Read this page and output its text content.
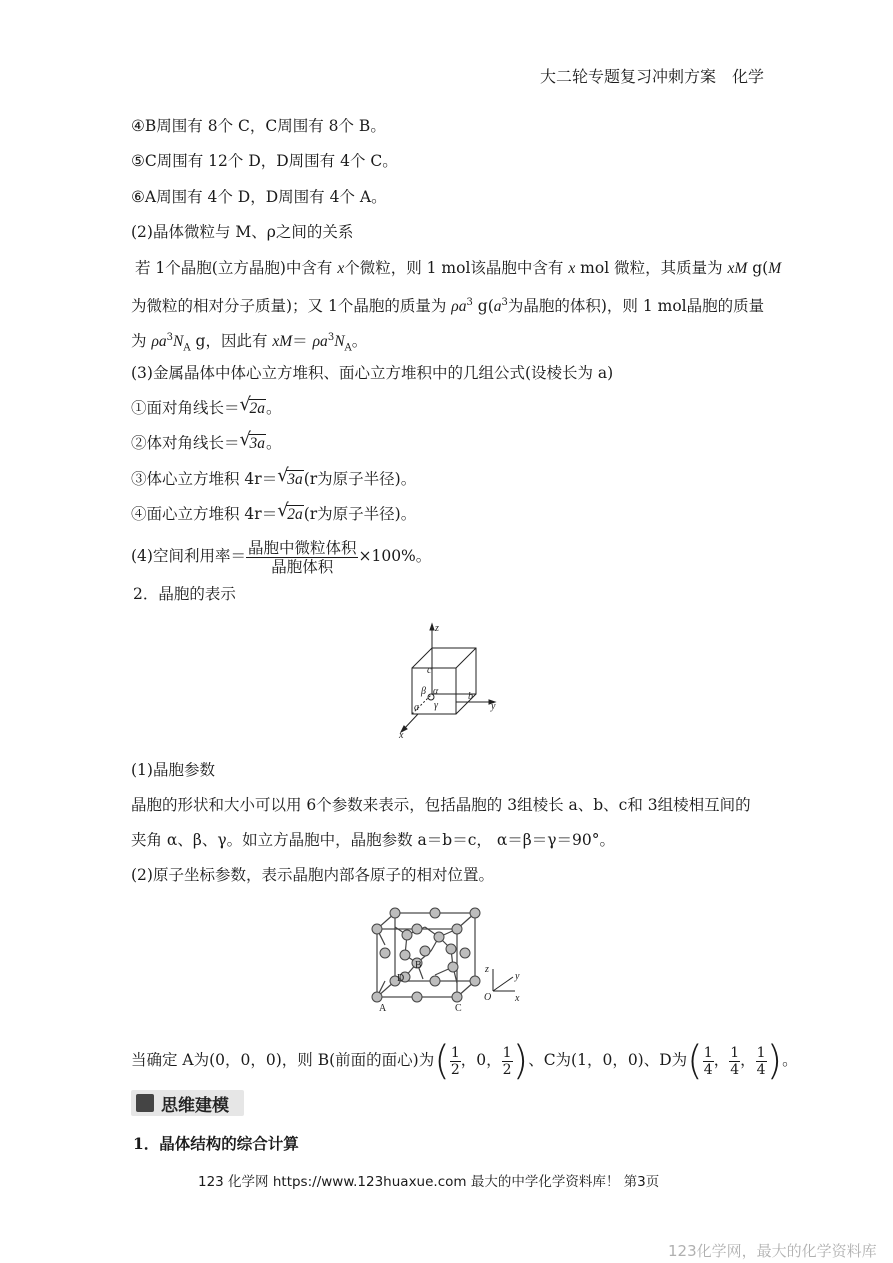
大二轮专题复习冲刺方案　化学
④B周围有 8个 C，C周围有 8个 B。
⑤C周围有 12个 D，D周围有 4个 C。
⑥A周围有 4个 D，D周围有 4个 A。
(2)晶体微粒与 M、ρ之间的关系
若 1个晶胞(立方晶胞)中含有 x个微粒，则 1 mol该晶胞中含有 x mol 微粒，其质量为 xM g(M
为微粒的相对分子质量)；又 1个晶胞的质量为 $\rho a^3$ $g(a^3$为晶胞的体积)，则 1 mol晶胞的质量
为 $\rho a^3N_A$ g，因此有 $xM= \rho a^3N_A$。
(3)金属晶体中体心立方堆积、面心立方堆积中的几组公式(设棱长为 a)
①面对角线长＝ √
2a。
②体对角线长＝ √
3a。
③体心立方堆积 4r＝ √
3a(r为原子半径)。
④面心立方堆积 4r＝ √
2a(r为原子半径)。
(4)空间利用率＝ $\frac{\text{晶胞中微粒体积}}{\text{晶胞体积}} \times 100\%$。
2．晶胞的表示
z
c
b
y
α
β
γ
a
x
(1)晶胞参数
晶胞的形状和大小可以用 6个参数来表示，包括晶胞的 3组棱长 a、b、c和 3组棱相互间的
夹角 α、β、γ。如立方晶胞中，晶胞参数 a＝b＝c， α＝β＝γ＝90°。
(2)原子坐标参数，表示晶胞内部各原子的相对位置。
B
D
A	C
z
y
O x
当确定 A为(0，0，0)，则 B(前面的面心)为( $\frac{1}{2}$ ，0， $\frac{1}{2}$ )、C为(1，0，0)、D为( $\frac{1}{4}$ ， $\frac{1}{4}$ ， $\frac{1}{4}$ )。
思维建模
1．晶体结构的综合计算
123 化学网 https://www.123huaxue.com 最大的中学化学资料库！ 第3页
123化学网，最大的化学资料库
